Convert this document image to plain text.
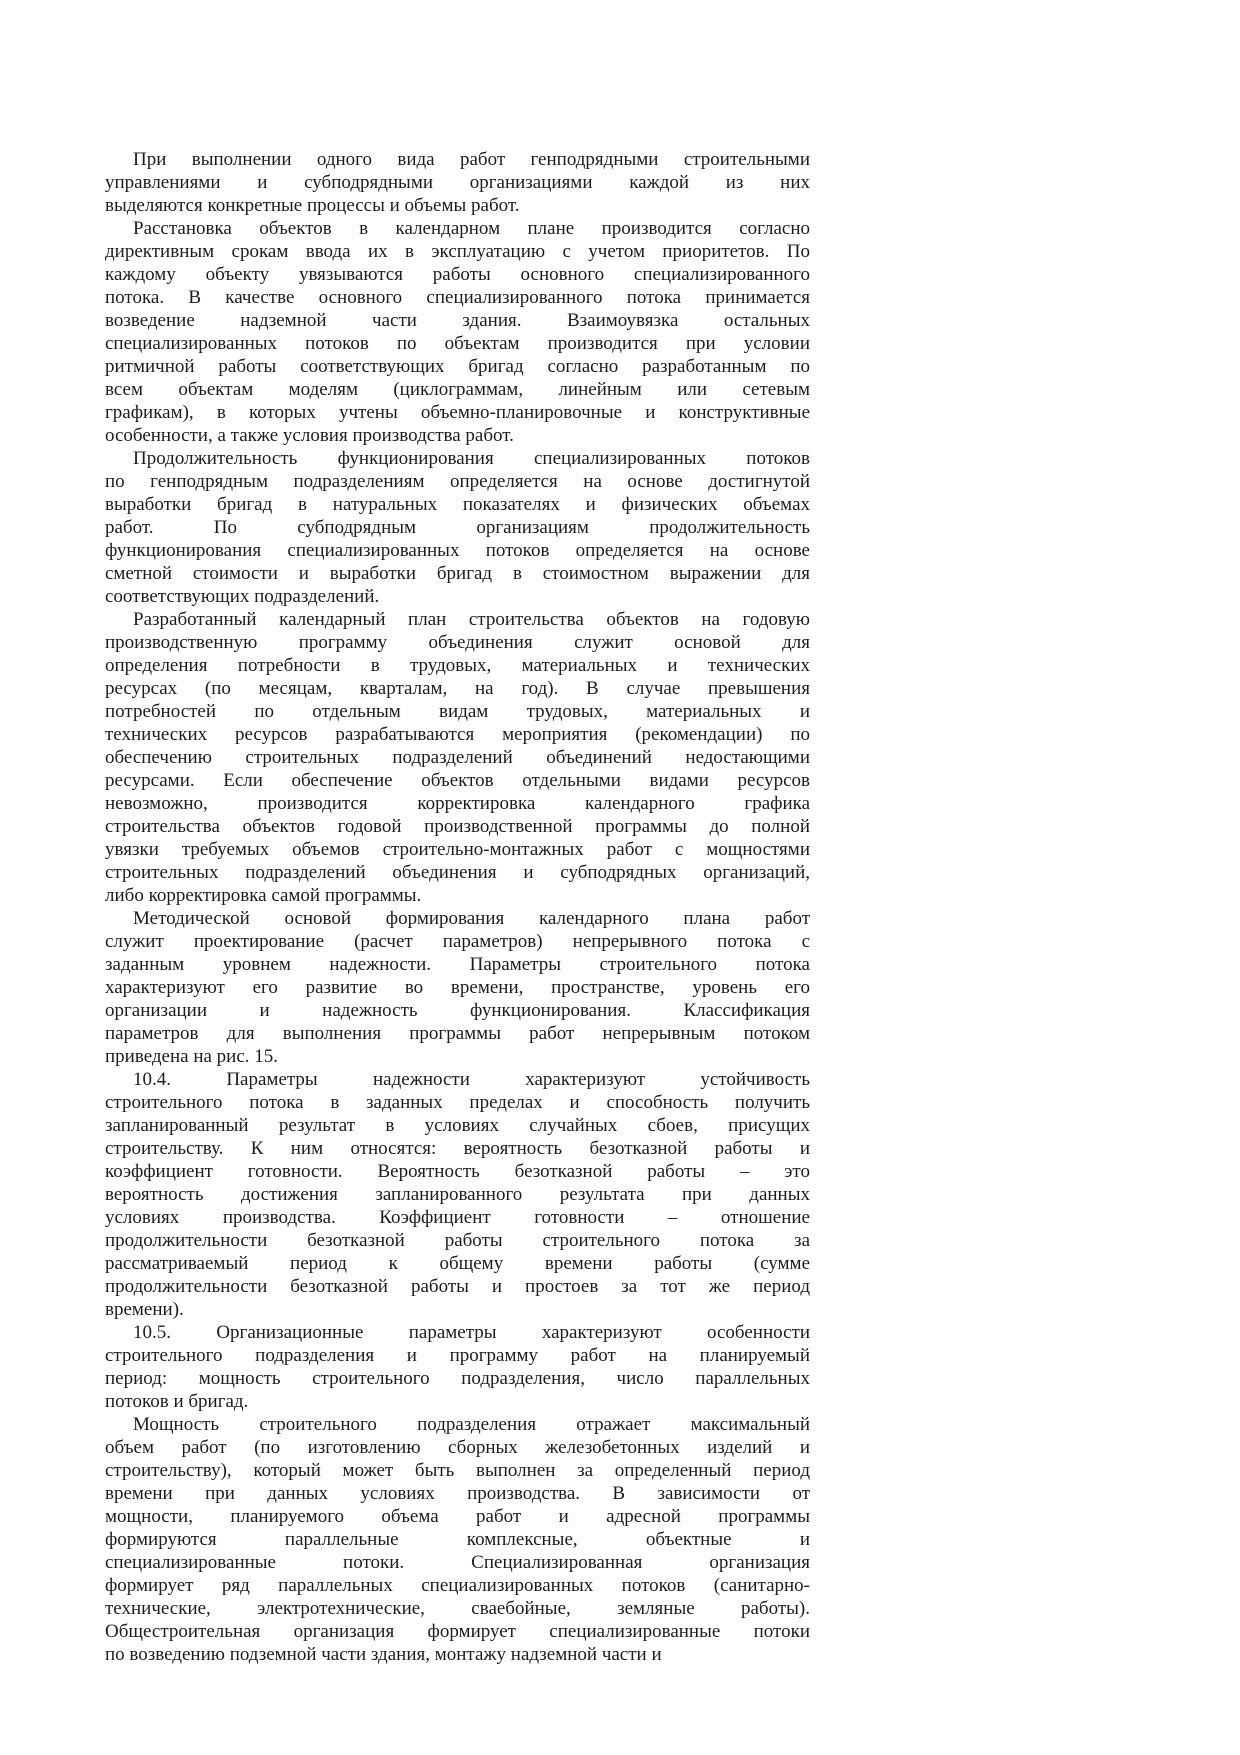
При выполнении одного вида работ генподрядными строительными
управлениями и субподрядными организациями каждой из них
выделяются конкретные процессы и объемы работ.
Расстановка объектов в календарном плане производится согласно
директивным срокам ввода их в эксплуатацию с учетом приоритетов. По
каждому объекту увязываются работы основного специализированного
потока. В качестве основного специализированного потока принимается
возведение надземной части здания. Взаимоувязка остальных
специализированных потоков по объектам производится при условии
ритмичной работы соответствующих бригад согласно разработанным по
всем объектам моделям (циклограммам, линейным или сетевым
графикам), в которых учтены объемно-планировочные и конструктивные
особенности, а также условия производства работ.
Продолжительность функционирования специализированных потоков
по генподрядным подразделениям определяется на основе достигнутой
выработки бригад в натуральных показателях и физических объемах
работ. По субподрядным организациям продолжительность
функционирования специализированных потоков определяется на основе
сметной стоимости и выработки бригад в стоимостном выражении для
соответствующих подразделений.
Разработанный календарный план строительства объектов на годовую
производственную программу объединения служит основой для
определения потребности в трудовых, материальных и технических
ресурсах (по месяцам, кварталам, на год). В случае превышения
потребностей по отдельным видам трудовых, материальных и
технических ресурсов разрабатываются мероприятия (рекомендации) по
обеспечению строительных подразделений объединений недостающими
ресурсами. Если обеспечение объектов отдельными видами ресурсов
невозможно, производится корректировка календарного графика
строительства объектов годовой производственной программы до полной
увязки требуемых объемов строительно-монтажных работ с мощностями
строительных подразделений объединения и субподрядных организаций,
либо корректировка самой программы.
Методической основой формирования календарного плана работ
служит проектирование (расчет параметров) непрерывного потока с
заданным уровнем надежности. Параметры строительного потока
характеризуют его развитие во времени, пространстве, уровень его
организации и надежность функционирования. Классификация
параметров для выполнения программы работ непрерывным потоком
приведена на рис. 15.
10.4. Параметры надежности характеризуют устойчивость
строительного потока в заданных пределах и способность получить
запланированный результат в условиях случайных сбоев, присущих
строительству. К ним относятся: вероятность безотказной работы и
коэффициент готовности. Вероятность безотказной работы – это
вероятность достижения запланированного результата при данных
условиях производства. Коэффициент готовности – отношение
продолжительности безотказной работы строительного потока за
рассматриваемый период к общему времени работы (сумме
продолжительности безотказной работы и простоев за тот же период
времени).
10.5. Организационные параметры характеризуют особенности
строительного подразделения и программу работ на планируемый
период: мощность строительного подразделения, число параллельных
потоков и бригад.
Мощность строительного подразделения отражает максимальный
объем работ (по изготовлению сборных железобетонных изделий и
строительству), который может быть выполнен за определенный период
времени при данных условиях производства. В зависимости от
мощности, планируемого объема работ и адресной программы
формируются параллельные комплексные, объектные и
специализированные потоки. Специализированная организация
формирует ряд параллельных специализированных потоков (санитарно-
технические, электротехнические, сваебойные, земляные работы).
Общестроительная организация формирует специализированные потоки
по возведению подземной части здания, монтажу надземной части и
